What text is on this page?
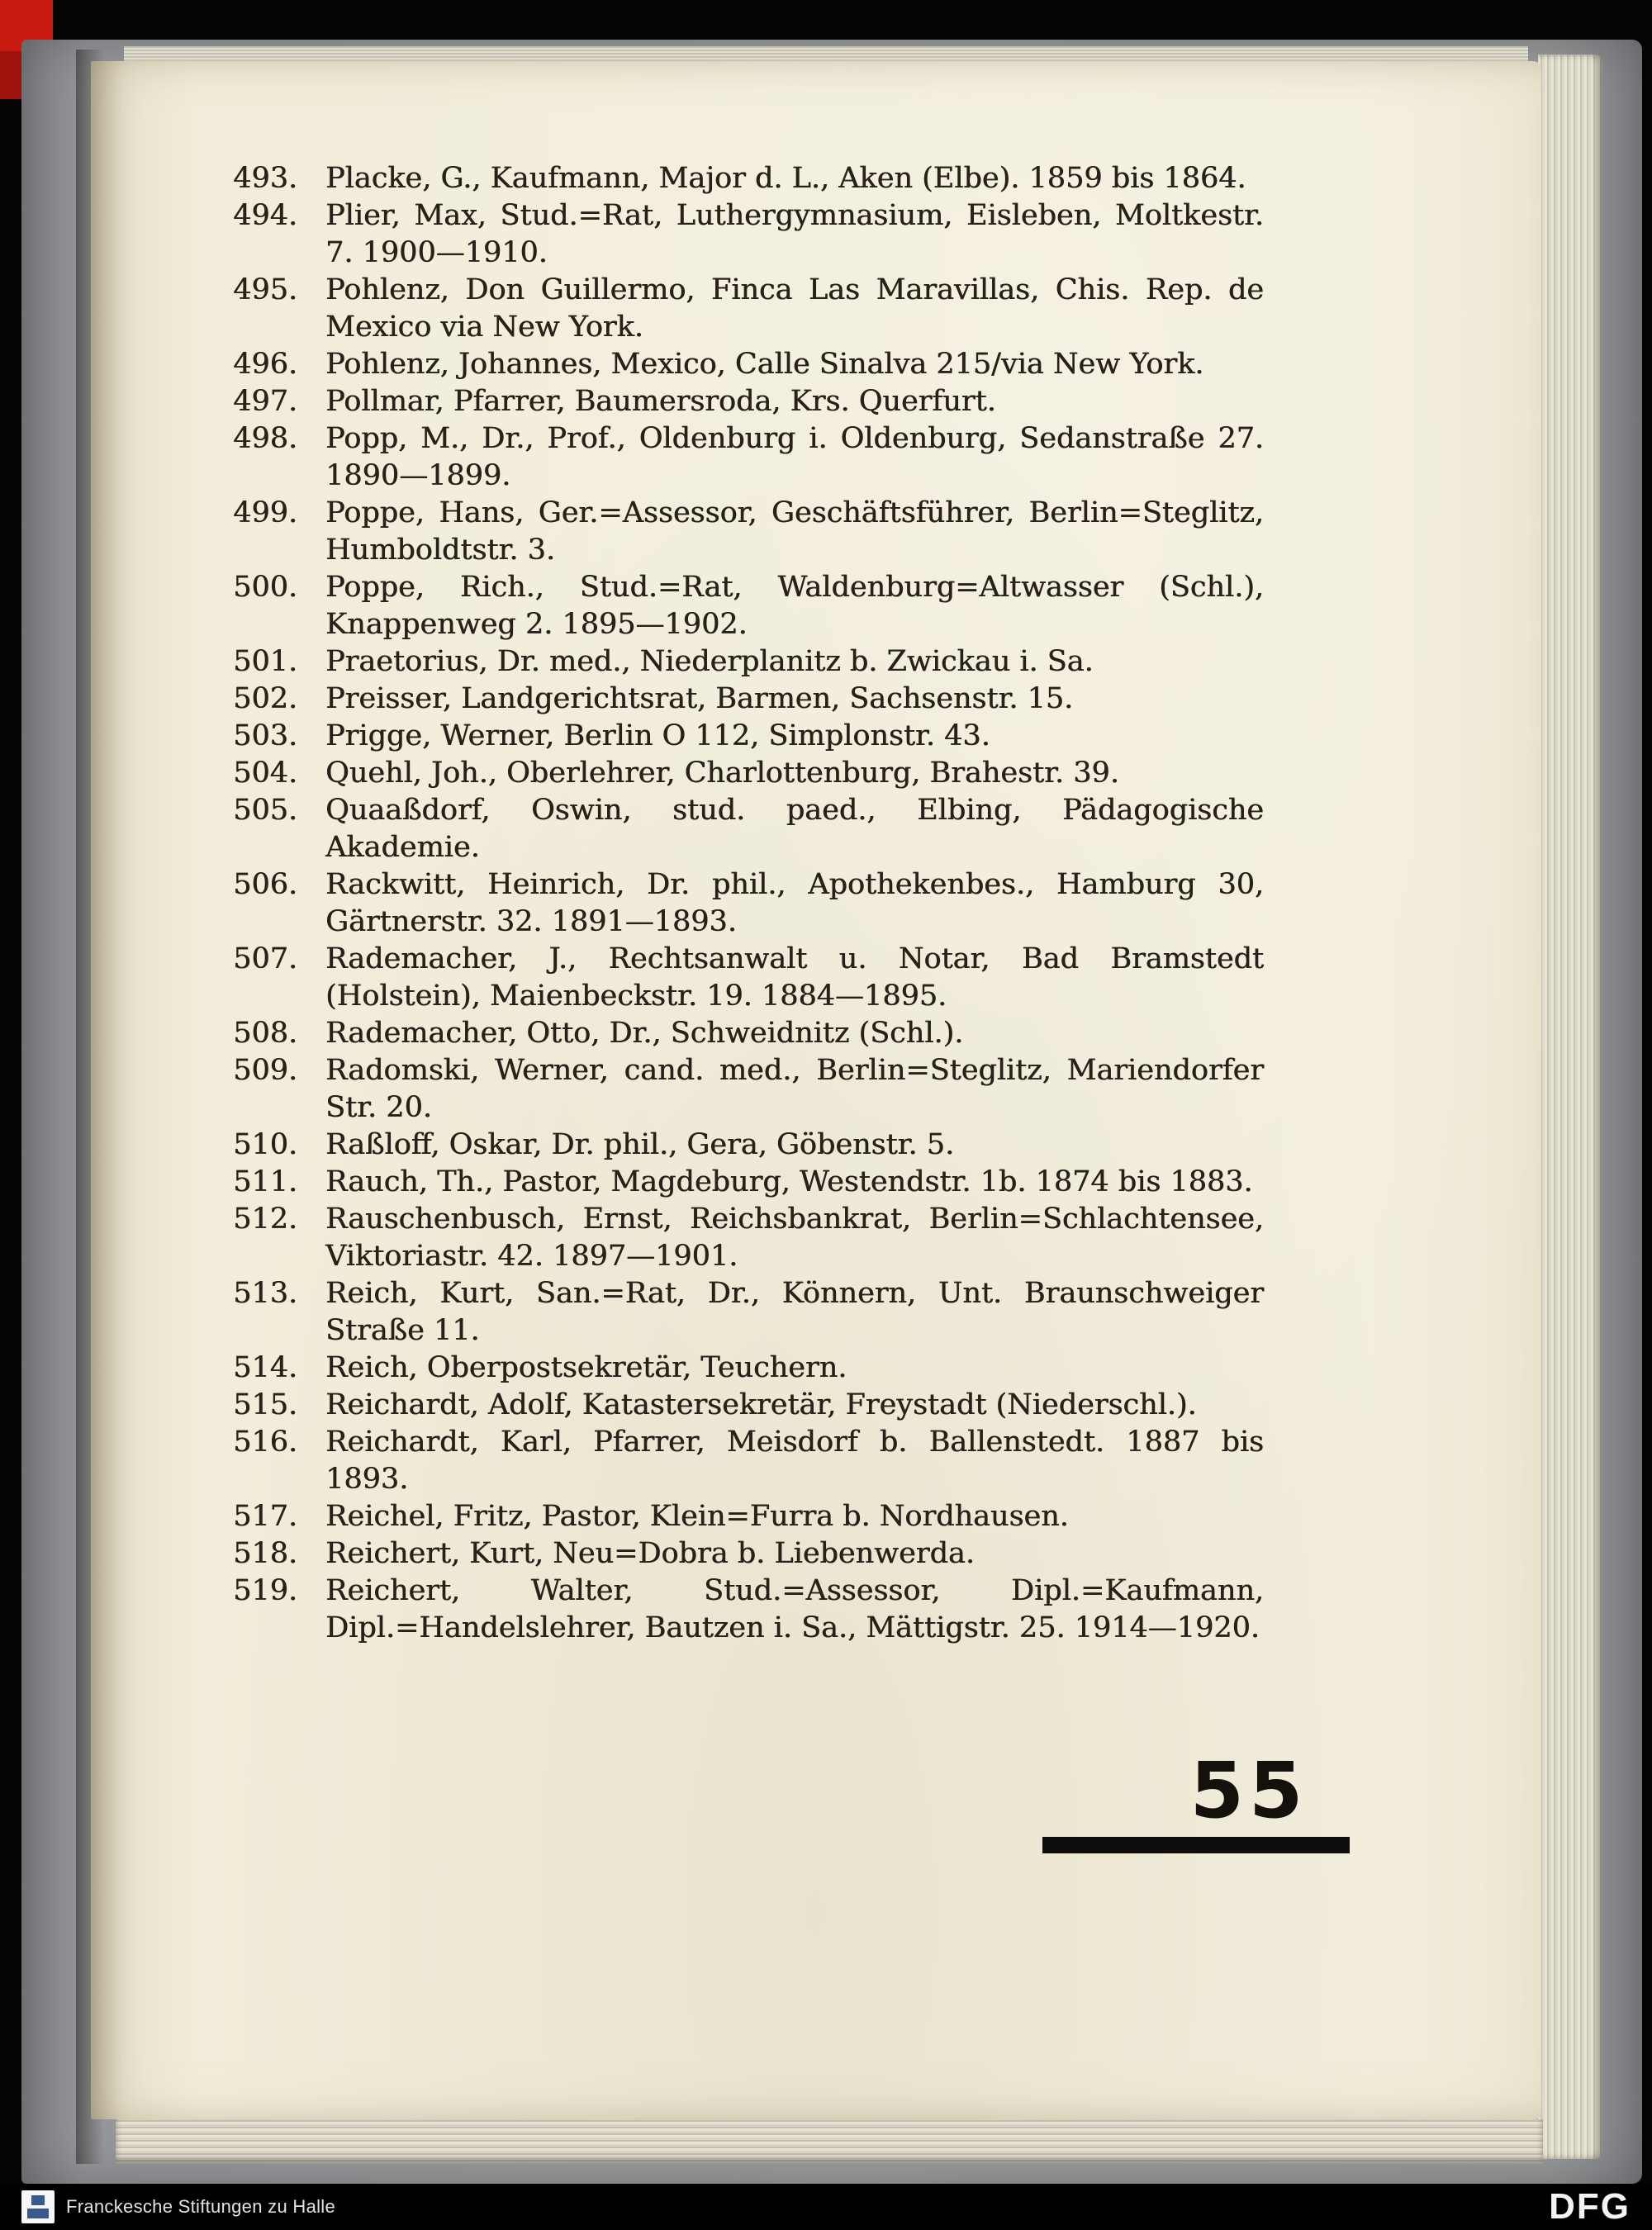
493. Placke, G., Kaufmann, Major d. L., Aken (Elbe). 1859 bis 1864.
494. Plier, Max, Stud.=Rat, Luthergymnasium, Eisleben, Moltkestr. 7. 1900—1910.
495. Pohlenz, Don Guillermo, Finca Las Maravillas, Chis. Rep. de Mexico via New York.
496. Pohlenz, Johannes, Mexico, Calle Sinalva 215/via New York.
497. Pollmar, Pfarrer, Baumersroda, Krs. Querfurt.
498. Popp, M., Dr., Prof., Oldenburg i. Oldenburg, Sedanstraße 27. 1890—1899.
499. Poppe, Hans, Ger.=Assessor, Geschäftsführer, Berlin=Steglitz, Humboldtstr. 3.
500. Poppe, Rich., Stud.=Rat, Waldenburg=Altwasser (Schl.), Knappenweg 2. 1895—1902.
501. Praetorius, Dr. med., Niederplanitz b. Zwickau i. Sa.
502. Preisser, Landgerichtsrat, Barmen, Sachsenstr. 15.
503. Prigge, Werner, Berlin O 112, Simplonstr. 43.
504. Quehl, Joh., Oberlehrer, Charlottenburg, Brahestr. 39.
505. Quaaßdorf, Oswin, stud. paed., Elbing, Pädagogische Akademie.
506. Rackwitt, Heinrich, Dr. phil., Apothekenbes., Hamburg 30, Gärtnerstr. 32. 1891—1893.
507. Rademacher, J., Rechtsanwalt u. Notar, Bad Bramstedt (Holstein), Maienbeckstr. 19. 1884—1895.
508. Rademacher, Otto, Dr., Schweidnitz (Schl.).
509. Radomski, Werner, cand. med., Berlin=Steglitz, Mariendorfer Str. 20.
510. Raßloff, Oskar, Dr. phil., Gera, Göbenstr. 5.
511. Rauch, Th., Pastor, Magdeburg, Westendstr. 1b. 1874 bis 1883.
512. Rauschenbusch, Ernst, Reichsbankrat, Berlin=Schlachtensee, Viktoriastr. 42. 1897—1901.
513. Reich, Kurt, San.=Rat, Dr., Könnern, Unt. Braunschweiger Straße 11.
514. Reich, Oberpostsekretär, Teuchern.
515. Reichardt, Adolf, Katastersekretär, Freystadt (Niederschl.).
516. Reichardt, Karl, Pfarrer, Meisdorf b. Ballenstedt. 1887 bis 1893.
517. Reichel, Fritz, Pastor, Klein=Furra b. Nordhausen.
518. Reichert, Kurt, Neu=Dobra b. Liebenwerda.
519. Reichert, Walter, Stud.=Assessor, Dipl.=Kaufmann, Dipl.=Handelslehrer, Bautzen i. Sa., Mättigstr. 25. 1914—1920.
55
Franckesche Stiftungen zu Halle	DFG
